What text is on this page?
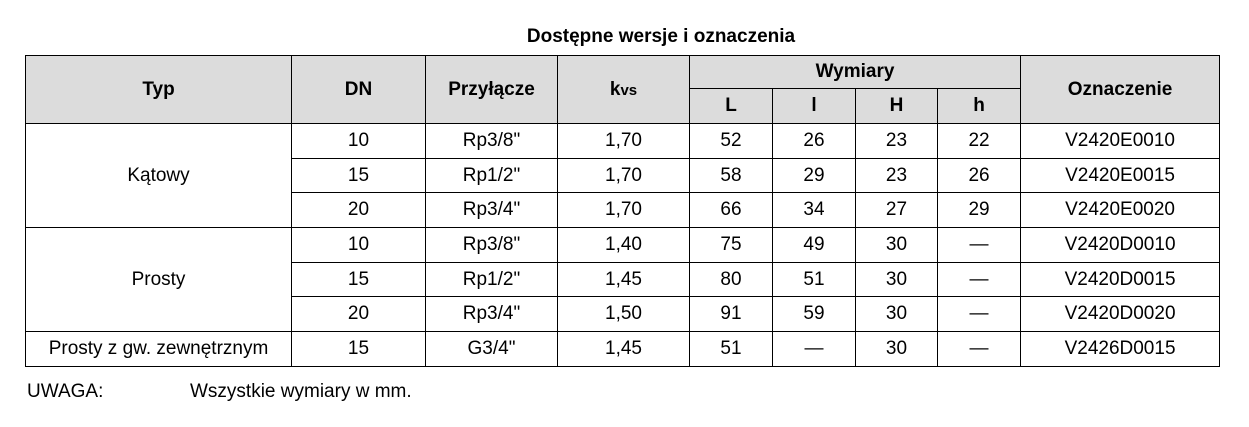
Dostępne wersje i oznaczenia
Typ	DN	Przyłącze	kvs	Wymiary				Oznaczenie
				L	l	H	h	
Kątowy	10	Rp3/8"	1,70	52	26	23	22	V2420E0010
	15	Rp1/2"	1,70	58	29	23	26	V2420E0015
	20	Rp3/4"	1,70	66	34	27	29	V2420E0020
Prosty	10	Rp3/8"	1,40	75	49	30	—	V2420D0010
	15	Rp1/2"	1,45	80	51	30	—	V2420D0015
	20	Rp3/4"	1,50	91	59	30	—	V2420D0020
Prosty z gw. zewnętrznym	15	G3/4"	1,45	51	—	30	—	V2426D0015
UWAGA:	Wszystkie wymiary w mm.
